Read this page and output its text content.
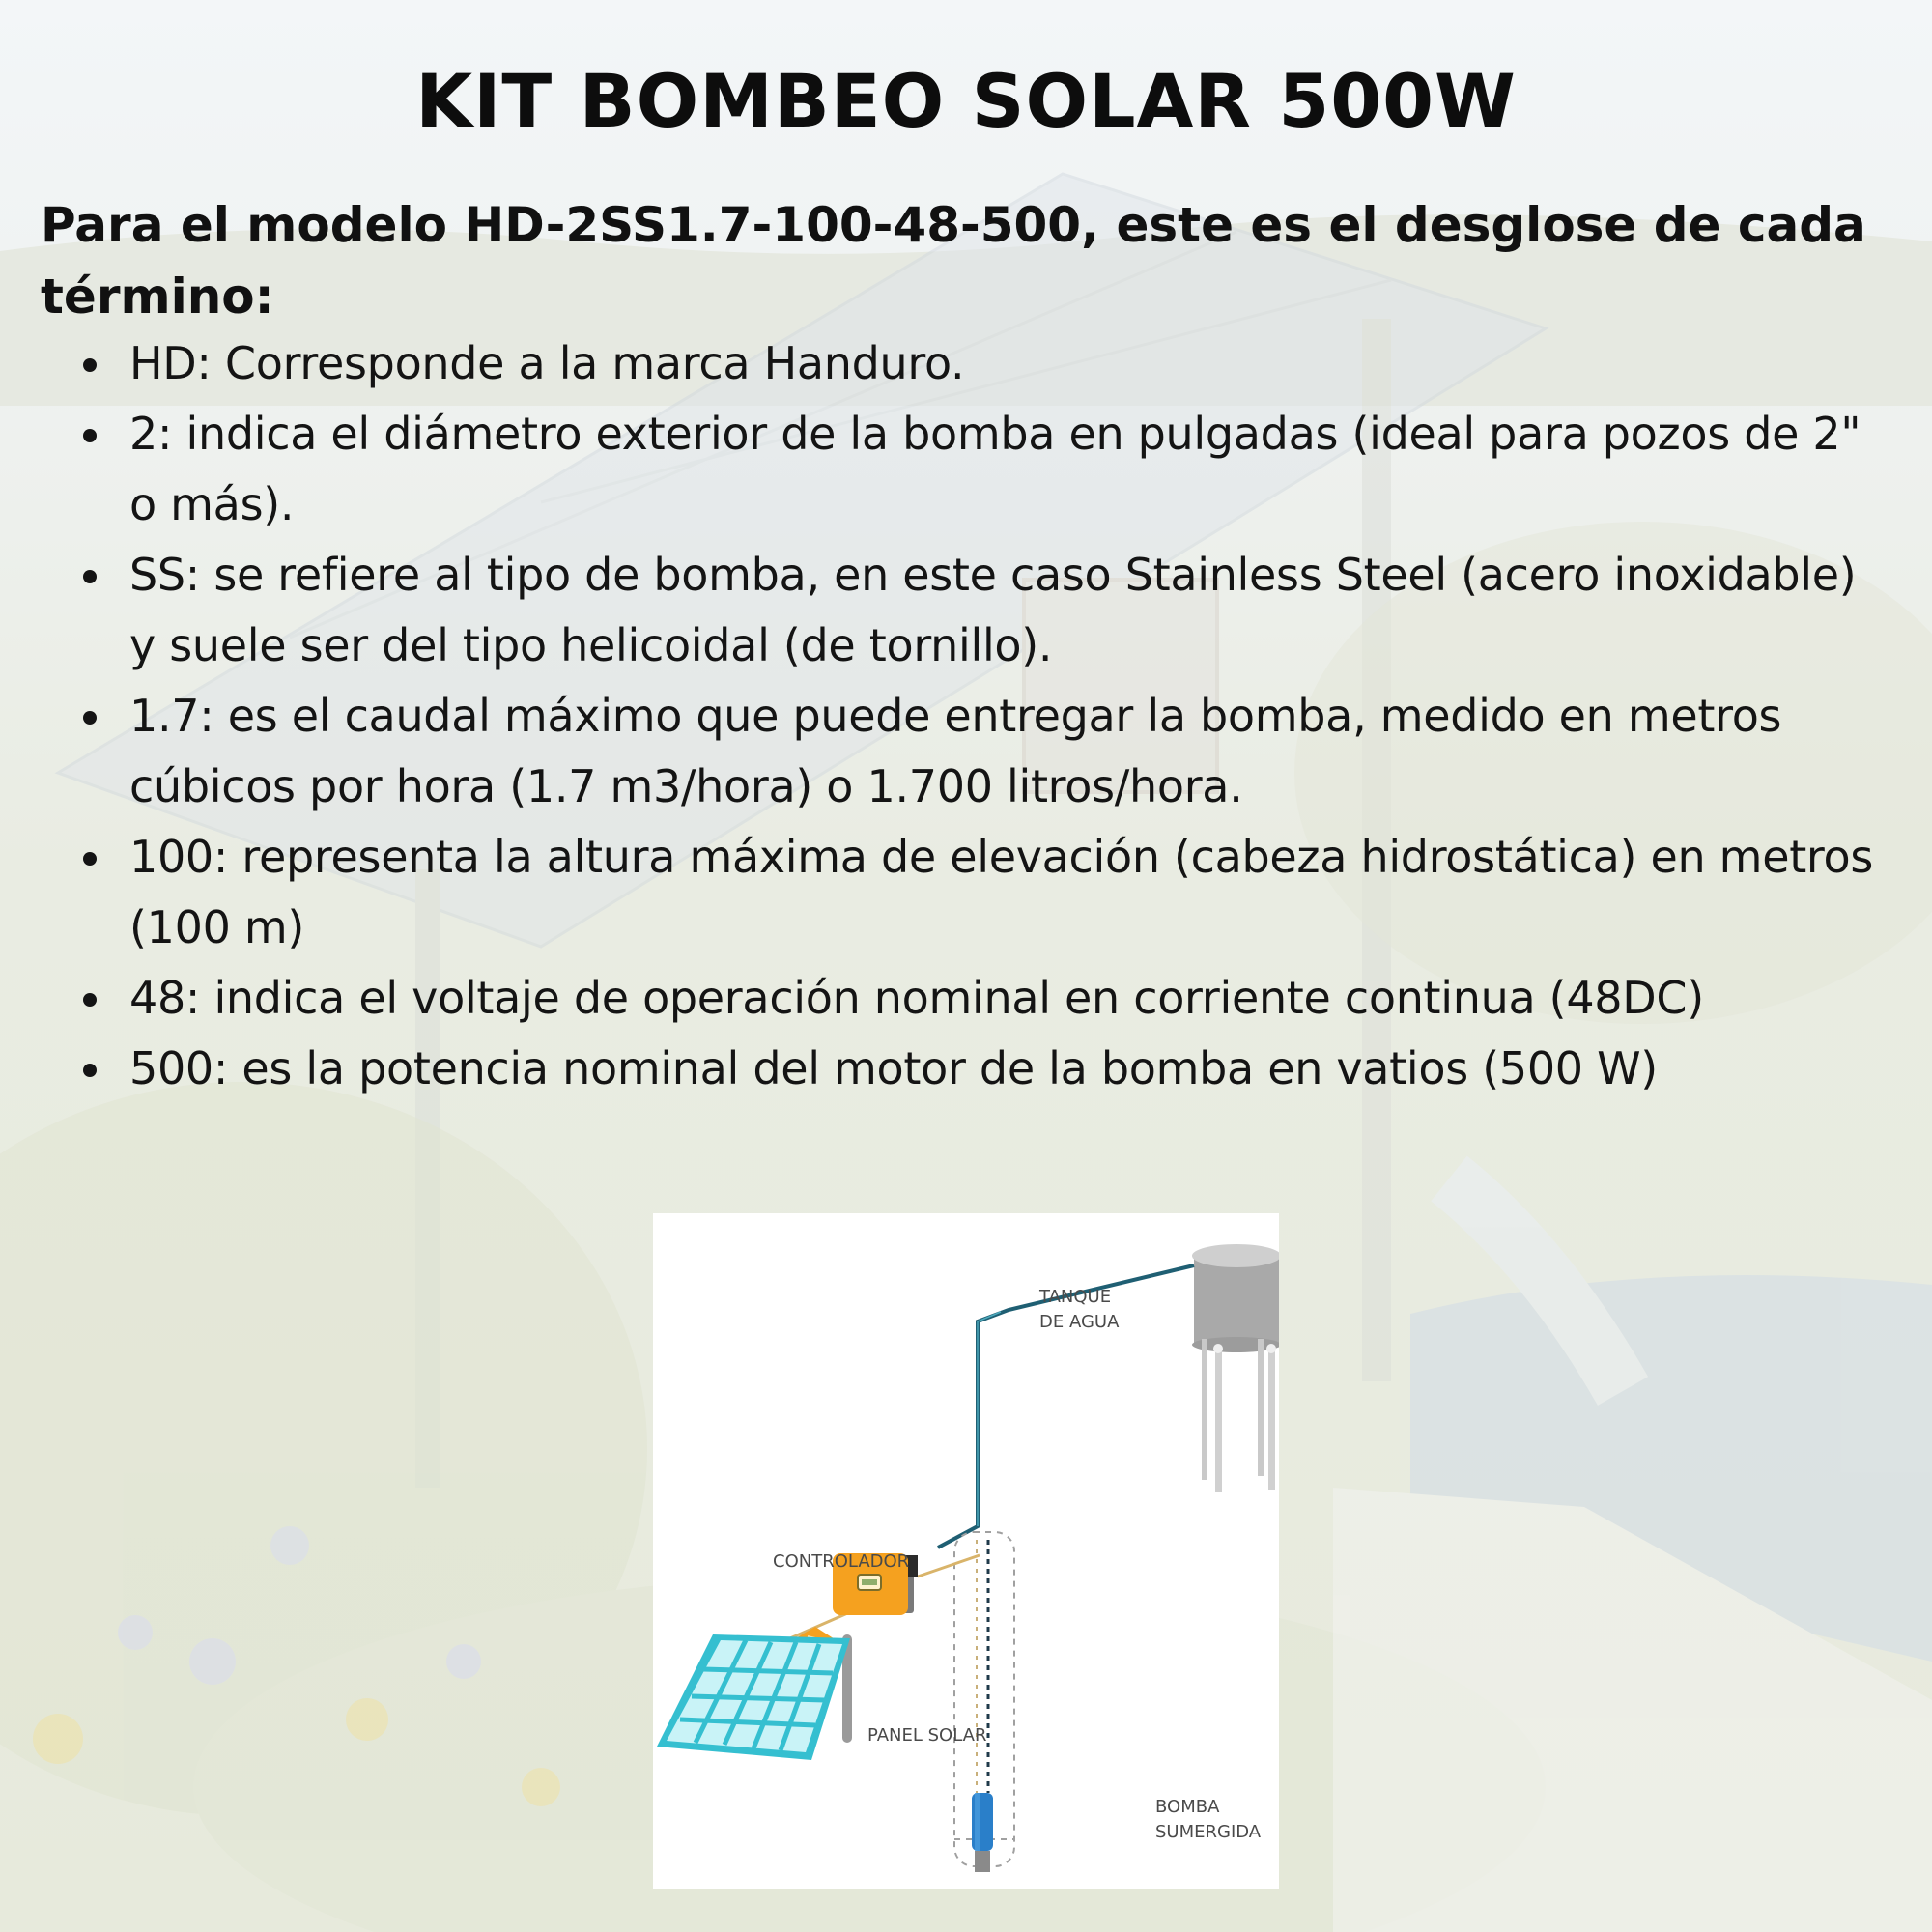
KIT BOMBEO SOLAR 500W

Para el modelo HD-2SS1.7-100-48-500, este es el desglose de cada término:

HD: Corresponde a la marca Handuro.
2: indica el diámetro exterior de la bomba en pulgadas (ideal para pozos de 2" o más).
SS: se refiere al tipo de bomba, en este caso Stainless Steel (acero inoxidable) y suele ser del tipo helicoidal (de tornillo).
1.7: es el caudal máximo que puede entregar la bomba, medido en metros cúbicos por hora (1.7 m3/hora) o 1.700 litros/hora.
100: representa la altura máxima de elevación (cabeza hidrostática) en metros (100 m)
48: indica el voltaje de operación nominal en corriente continua (48DC)
500: es la potencia nominal del motor de la bomba en vatios (500 W)
TANQUE
DE AGUA
CONTROLADOR
PANEL SOLAR
BOMBA
SUMERGIDA
